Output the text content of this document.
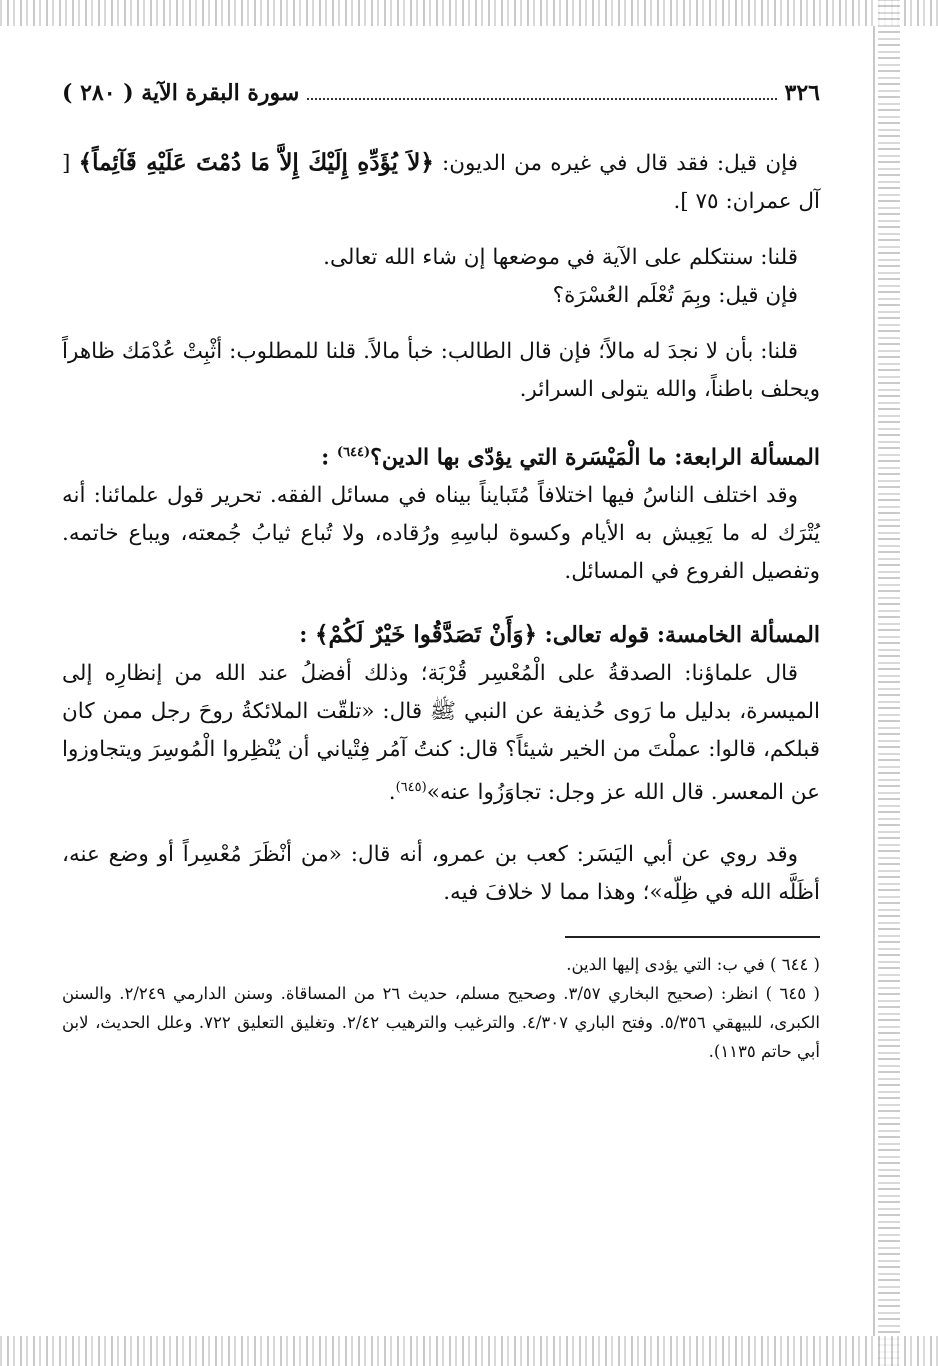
٣٢٦
سورة البقرة الآية ( ٢٨٠ )

فإن قيل: فقد قال في غيره من الديون: ﴿لاَ يُؤَدِّهِ إِلَيْكَ إِلاَّ مَا دُمْتَ عَلَيْهِ قَآئِماً﴾ [ آل عمران: ٧٥ ].

قلنا: سنتكلم على الآية في موضعها إن شاء الله تعالى.

فإن قيل: وبِمَ تُعْلَم العُسْرَة؟

قلنا: بأن لا نجدَ له مالاً؛ فإن قال الطالب: خبأ مالاً. قلنا للمطلوب: أثْبِتْ عُدْمَك ظاهراً ويحلف باطناً، والله يتولى السرائر.

المسألة الرابعة: ما الْمَيْسَرة التي يؤدّى بها الدين؟$^{(٦٤٤)}$ :

وقد اختلف الناسُ فيها اختلافاً مُتَبايناً بيناه في مسائل الفقه. تحرير قول علمائنا: أنه يُتْرَك له ما يَعِيش به الأيام وكسوة لباسِهِ ورُقاده، ولا تُباع ثيابُ جُمعته، ويباع خاتمه. وتفصيل الفروع في المسائل.

المسألة الخامسة: قوله تعالى: ﴿وَأَنْ تَصَدَّقُوا خَيْرٌ لَكُمْ﴾ :

قال علماؤنا: الصدقةُ على الْمُعْسِر قُرْبَة؛ وذلك أفضلُ عند الله من إنظارِه إلى الميسرة، بدليل ما رَوى حُذيفة عن النبي ﷺ قال: «تلقّت الملائكةُ روحَ رجل ممن كان قبلكم، قالوا: عملْتَ من الخير شيئاً؟ قال: كنتُ آمُر فِتْياني أن يُنْظِروا الْمُوسِرَ ويتجاوزوا عن المعسر. قال الله عز وجل: تجاوَزُوا عنه»$^{(٦٤٥)}$.

وقد روي عن أبي اليَسَر: كعب بن عمرو، أنه قال: «من أنْظَرَ مُعْسِراً أو وضع عنه، أظَلَّه الله في ظِلّه»؛ وهذا مما لا خلافَ فيه.

( ٦٤٤ ) في ب: التي يؤدى إليها الدين.

( ٦٤٥ ) انظر: (صحيح البخاري ٣/٥٧. وصحيح مسلم، حديث ٢٦ من المساقاة. وسنن الدارمي ٢/٢٤٩. والسنن الكبرى، للبيهقي ٥/٣٥٦. وفتح الباري ٤/٣٠٧. والترغيب والترهيب ٢/٤٢. وتغليق التعليق ٧٢٢. وعلل الحديث، لابن أبي حاتم ١١٣٥).
